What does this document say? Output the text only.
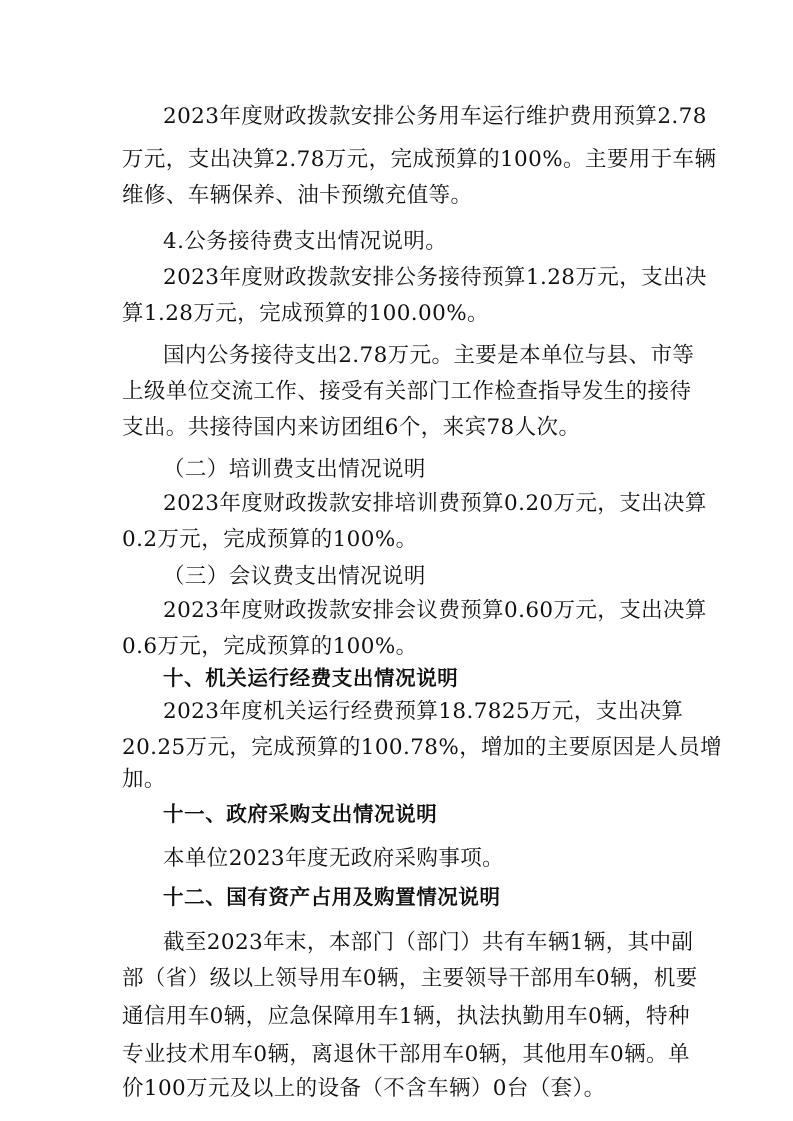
2023年度财政拨款安排公务用车运行维护费用预算2.78
万元，支出决算2.78万元，完成预算的100%。主要用于车辆
维修、车辆保养、油卡预缴充值等。
4.公务接待费支出情况说明。
2023年度财政拨款安排公务接待预算1.28万元，支出决
算1.28万元，完成预算的100.00%。
国内公务接待支出2.78万元。主要是本单位与县、市等
上级单位交流工作、接受有关部门工作检查指导发生的接待
支出。共接待国内来访团组6个，来宾78人次。
（二）培训费支出情况说明
2023年度财政拨款安排培训费预算0.20万元，支出决算
0.2万元，完成预算的100%。
（三）会议费支出情况说明
2023年度财政拨款安排会议费预算0.60万元，支出决算
0.6万元，完成预算的100%。
十、机关运行经费支出情况说明
2023年度机关运行经费预算18.7825万元，支出决算
20.25万元，完成预算的100.78%，增加的主要原因是人员增
加。
十一、政府采购支出情况说明
本单位2023年度无政府采购事项。
十二、国有资产占用及购置情况说明
截至2023年末，本部门（部门）共有车辆1辆，其中副
部（省）级以上领导用车0辆，主要领导干部用车0辆，机要
通信用车0辆，应急保障用车1辆，执法执勤用车0辆，特种
专业技术用车0辆，离退休干部用车0辆，其他用车0辆。单
价100万元及以上的设备（不含车辆）0台（套）。
